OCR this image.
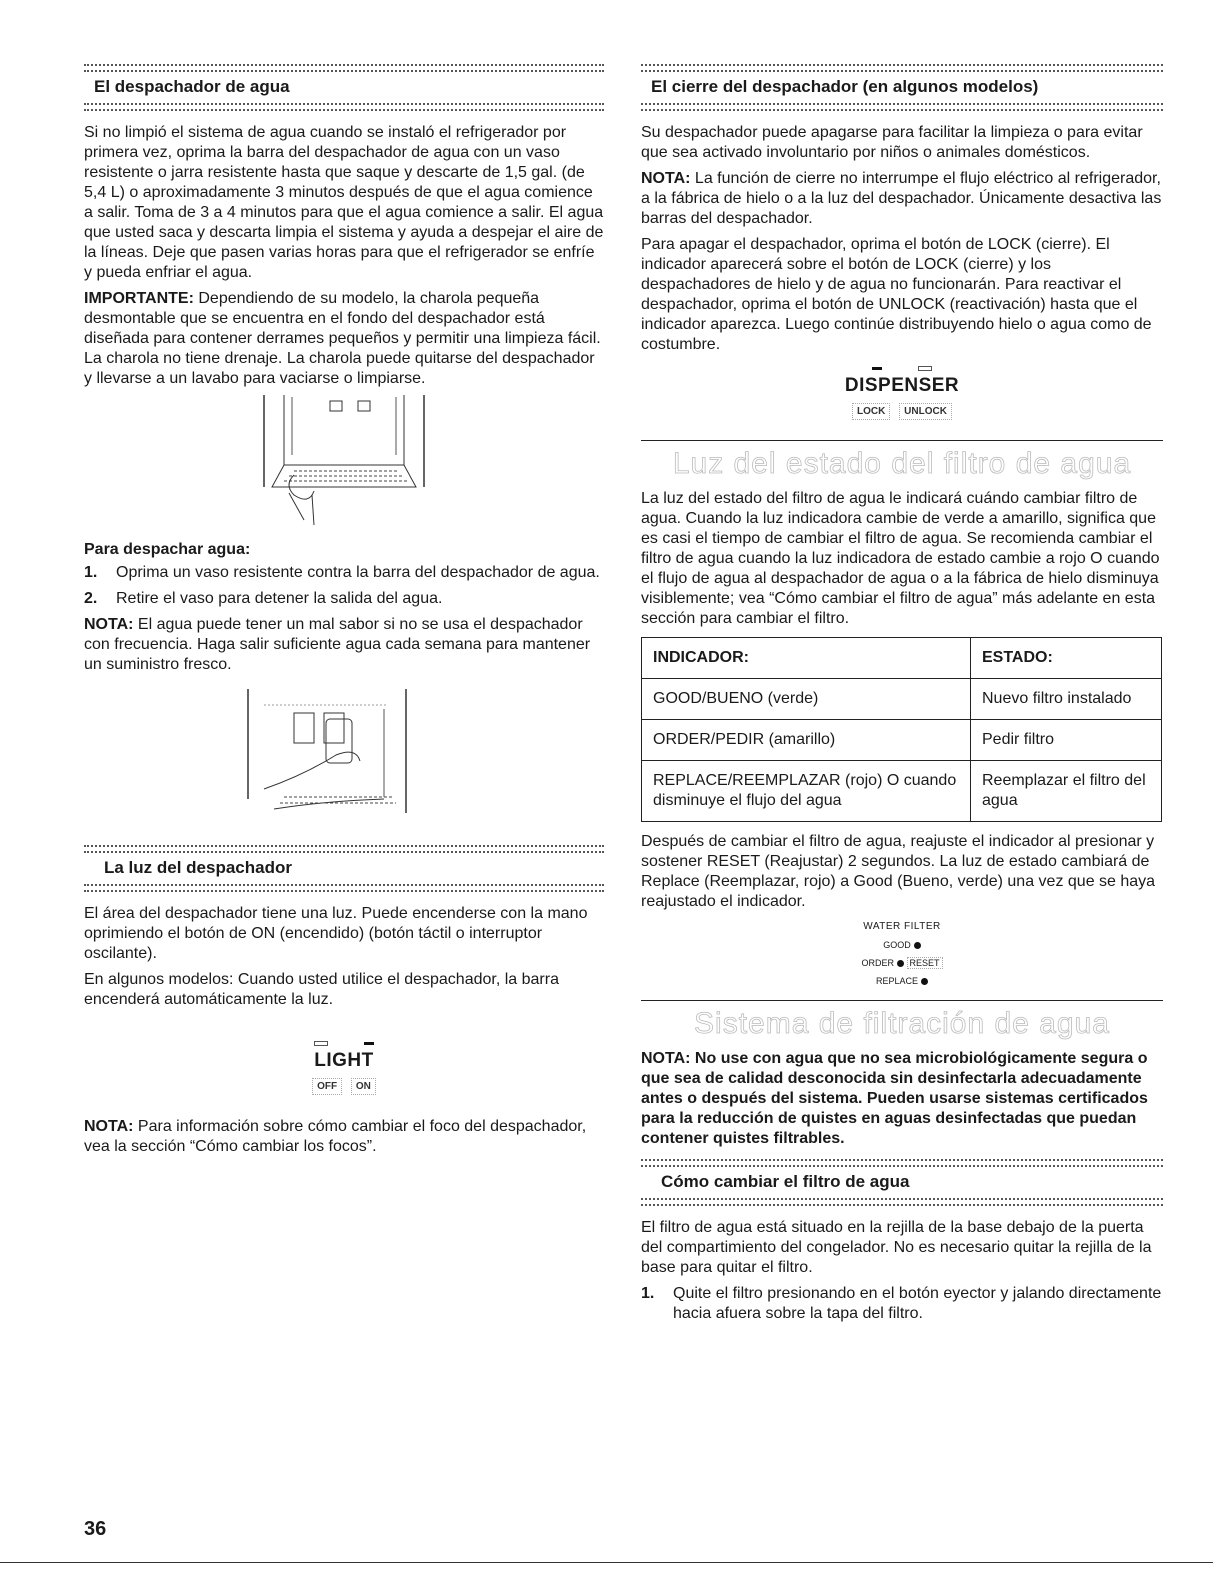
El despachador de agua

Si no limpió el sistema de agua cuando se instaló el refrigerador por primera vez, oprima la barra del despachador de agua con un vaso resistente o jarra resistente hasta que saque y descarte de 1,5 gal. (de 5,4 L) o aproximadamente 3 minutos después de que el agua comience a salir. Toma de 3 a 4 minutos para que el agua comience a salir. El agua que usted saca y descarta limpia el sistema y ayuda a despejar el aire de la líneas. Deje que pasen varias horas para que el refrigerador se enfríe y pueda enfriar el agua.

IMPORTANTE: Dependiendo de su modelo, la charola pequeña desmontable que se encuentra en el fondo del despachador está diseñada para contener derrames pequeños y permitir una limpieza fácil. La charola no tiene drenaje. La charola puede quitarse del despachador y llevarse a un lavabo para vaciarse o limpiarse.

Para despachar agua:
1. Oprima un vaso resistente contra la barra del despachador de agua.
2. Retire el vaso para detener la salida del agua.

NOTA: El agua puede tener un mal sabor si no se usa el despachador con frecuencia. Haga salir suficiente agua cada semana para mantener un suministro fresco.

La luz del despachador

El área del despachador tiene una luz. Puede encenderse con la mano oprimiendo el botón de ON (encendido) (botón táctil o interruptor oscilante).

En algunos modelos: Cuando usted utilice el despachador, la barra encenderá automáticamente la luz.

LIGHT
OFF ON

NOTA: Para información sobre cómo cambiar el foco del despachador, vea la sección “Cómo cambiar los focos”.

El cierre del despachador (en algunos modelos)

Su despachador puede apagarse para facilitar la limpieza o para evitar que sea activado involuntario por niños o animales domésticos.

NOTA: La función de cierre no interrumpe el flujo eléctrico al refrigerador, a la fábrica de hielo o a la luz del despachador. Únicamente desactiva las barras del despachador.

Para apagar el despachador, oprima el botón de LOCK (cierre). El indicador aparecerá sobre el botón de LOCK (cierre) y los despachadores de hielo y de agua no funcionarán. Para reactivar el despachador, oprima el botón de UNLOCK (reactivación) hasta que el indicador aparezca. Luego continúe distribuyendo hielo o agua como de costumbre.

DISPENSER
LOCK UNLOCK
Luz del estado del filtro de agua

La luz del estado del filtro de agua le indicará cuándo cambiar filtro de agua. Cuando la luz indicadora cambie de verde a amarillo, significa que es casi el tiempo de cambiar el filtro de agua. Se recomienda cambiar el filtro de agua cuando la luz indicadora de estado cambie a rojo O cuando el flujo de agua al despachador de agua o a la fábrica de hielo disminuya visiblemente; vea “Cómo cambiar el filtro de agua” más adelante en esta sección para cambiar el filtro.

INDICADOR:	ESTADO:
GOOD/BUENO (verde)	Nuevo filtro instalado
ORDER/PEDIR (amarillo)	Pedir filtro
REPLACE/REEMPLAZAR (rojo) O cuando disminuye el flujo del agua	Reemplazar el filtro del agua

Después de cambiar el filtro de agua, reajuste el indicador al presionar y sostener RESET (Reajustar) 2 segundos. La luz de estado cambiará de Replace (Reemplazar, rojo) a Good (Bueno, verde) una vez que se haya reajustado el indicador.

WATER FILTER
GOOD
ORDER RESET
REPLACE
Sistema de filtración de agua
NOTA: No use con agua que no sea microbiológicamente segura o que sea de calidad desconocida sin desinfectarla adecuadamente antes o después del sistema. Pueden usarse sistemas certificados para la reducción de quistes en aguas desinfectadas que puedan contener quistes filtrables.
Cómo cambiar el filtro de agua

El filtro de agua está situado en la rejilla de la base debajo de la puerta del compartimiento del congelador. No es necesario quitar la rejilla de la base para quitar el filtro.

1. Quite el filtro presionando en el botón eyector y jalando directamente hacia afuera sobre la tapa del filtro.
36
